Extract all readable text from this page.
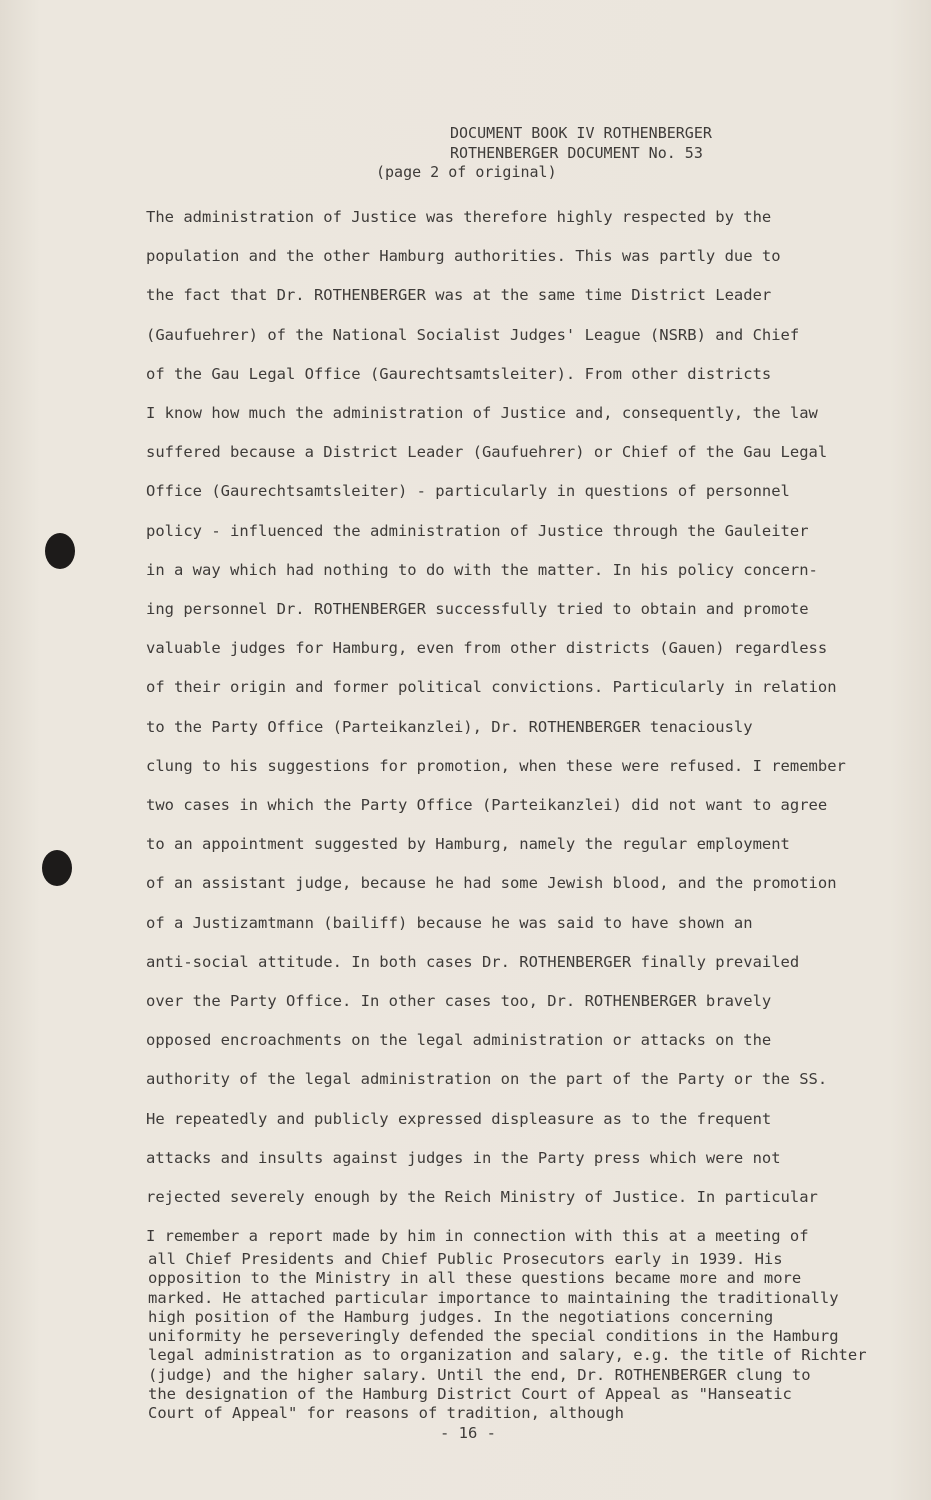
DOCUMENT BOOK IV ROTHENBERGER
ROTHENBERGER DOCUMENT No. 53
(page 2 of original)
The administration of Justice was therefore highly respected by the
population and the other Hamburg authorities. This was partly due to
the fact that Dr. ROTHENBERGER was at the same time District Leader
(Gaufuehrer) of the National Socialist Judges' League (NSRB) and Chief
of the Gau Legal Office (Gaurechtsamtsleiter). From other districts
I know how much the administration of Justice and, consequently, the law
suffered because a District Leader (Gaufuehrer) or Chief of the Gau Legal
Office (Gaurechtsamtsleiter) - particularly in questions of personnel
policy - influenced the administration of Justice through the Gauleiter
in a way which had nothing to do with the matter. In his policy concern-
ing personnel Dr. ROTHENBERGER successfully tried to obtain and promote
valuable judges for Hamburg, even from other districts (Gauen) regardless
of their origin and former political convictions. Particularly in relation
to the Party Office (Parteikanzlei), Dr. ROTHENBERGER tenaciously
clung to his suggestions for promotion, when these were refused. I remember
two cases in which the Party Office (Parteikanzlei) did not want to agree
to an appointment suggested by Hamburg, namely the regular employment
of an assistant judge, because he had some Jewish blood, and the promotion
of a Justizamtmann (bailiff) because he was said to have shown an
anti-social attitude. In both cases Dr. ROTHENBERGER finally prevailed
over the Party Office. In other cases too, Dr. ROTHENBERGER bravely
opposed encroachments on the legal administration or attacks on the
authority of the legal administration on the part of the Party or the SS.
He repeatedly and publicly expressed displeasure as to the frequent
attacks and insults against judges in the Party press which were not
rejected severely enough by the Reich Ministry of Justice. In particular
I remember a report made by him in connection with this at a meeting of
all Chief Presidents and Chief Public Prosecutors early in 1939. His
opposition to the Ministry in all these questions became more and more
marked. He attached particular importance to maintaining the traditionally
high position of the Hamburg judges. In the negotiations concerning
uniformity he perseveringly defended the special conditions in the Hamburg
legal administration as to organization and salary, e.g. the title of Richter
(judge) and the higher salary. Until the end, Dr. ROTHENBERGER clung to
the designation of the Hamburg District Court of Appeal as "Hanseatic
Court of Appeal" for reasons of tradition, although
- 16 -
